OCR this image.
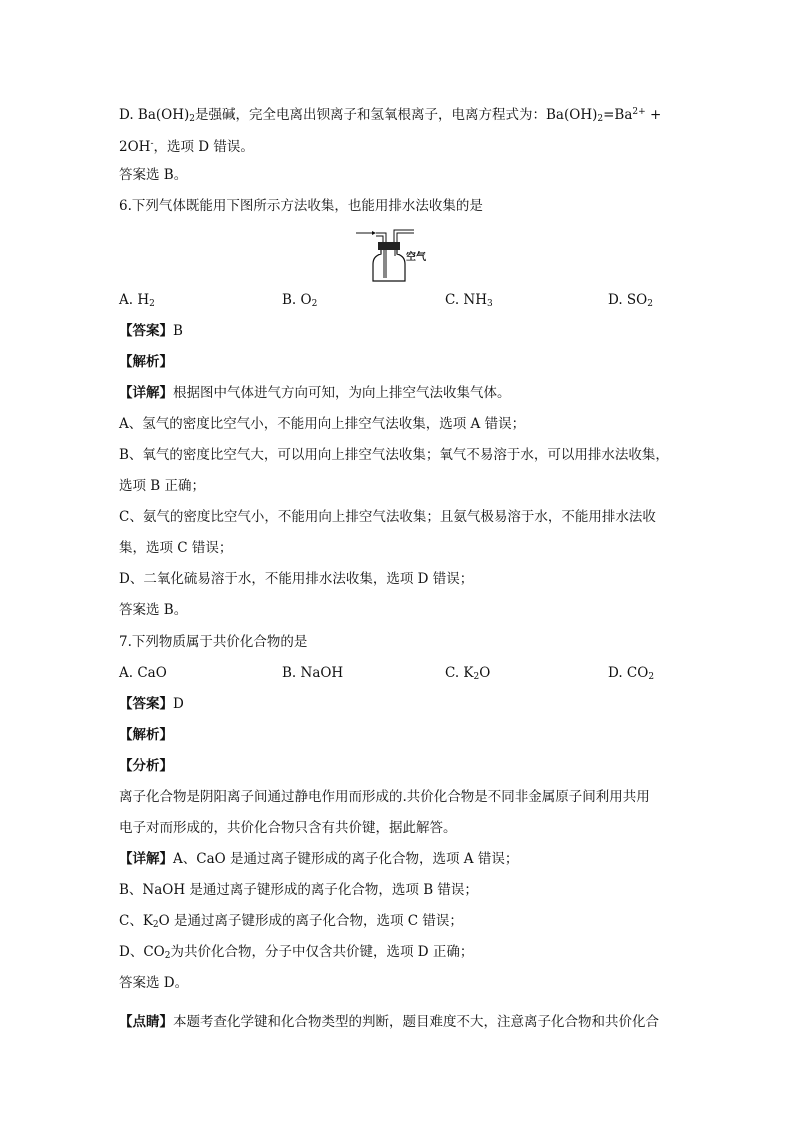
D. $Ba(OH)_2$是强碱，完全电离出钡离子和氢氧根离子，电离方程式为：$Ba(OH)_2=Ba^{2+}$ +
2OH-，选项 D 错误。
答案选 B。
6.下列气体既能用下图所示方法收集，也能用排水法收集的是
空气
A. $H_2$	B. $O_2$	C. $NH_3$	D. $SO_2$
【答案】B
【解析】
【详解】根据图中气体进气方向可知，为向上排空气法收集气体。
A、氢气的密度比空气小，不能用向上排空气法收集，选项 A 错误；
B、氧气的密度比空气大，可以用向上排空气法收集；氧气不易溶于水，可以用排水法收集，
选项 B 正确；
C、氨气的密度比空气小，不能用向上排空气法收集；且氨气极易溶于水，不能用排水法收
集，选项 C 错误；
D、二氧化硫易溶于水，不能用排水法收集，选项 D 错误；
答案选 B。
7.下列物质属于共价化合物的是
A. CaO	B. NaOH	C. $K_2O$	D. $CO_2$
【答案】D
【解析】
【分析】
离子化合物是阴阳离子间通过静电作用而形成的.共价化合物是不同非金属原子间利用共用
电子对而形成的，共价化合物只含有共价键，据此解答。
【详解】A、CaO 是通过离子键形成的离子化合物，选项 A 错误；
B、NaOH 是通过离子键形成的离子化合物，选项 B 错误；
C、$K_2O$ 是通过离子键形成的离子化合物，选项 C 错误；
D、$CO_2$为共价化合物，分子中仅含共价键，选项 D 正确；
答案选 D。
【点睛】本题考查化学键和化合物类型的判断，题目难度不大，注意离子化合物和共价化合
